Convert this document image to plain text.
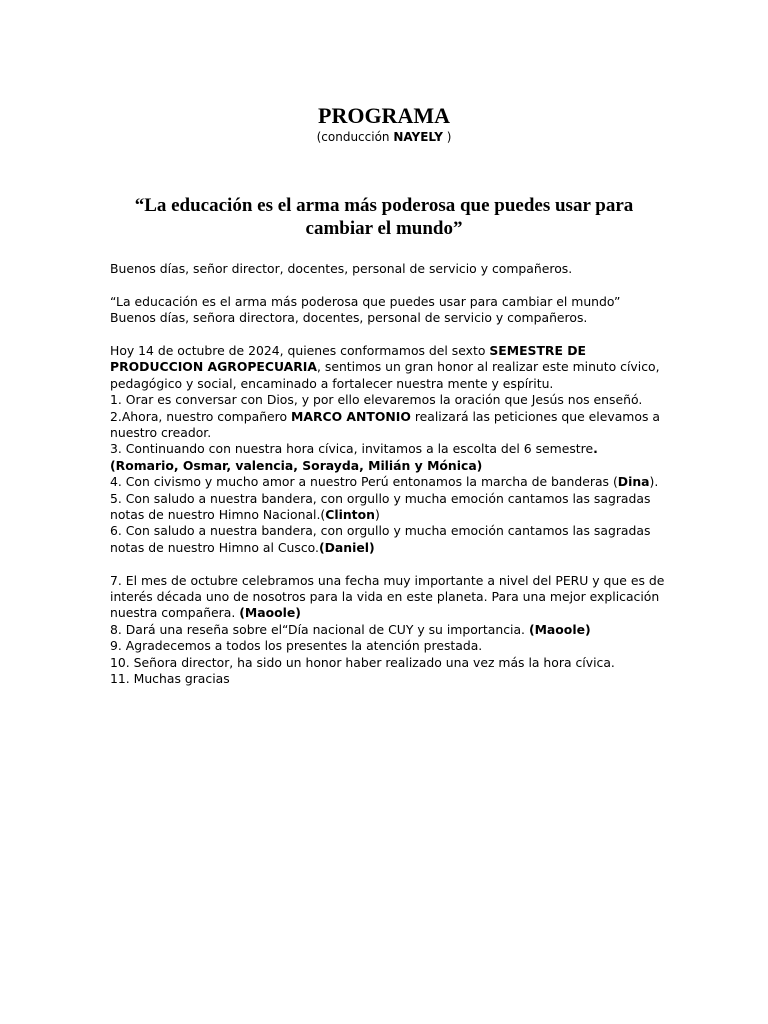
PROGRAMA
(conducción NAYELY )
“La educación es el arma más poderosa que puedes usar para cambiar el mundo”

Buenos días, señor director, docentes, personal de servicio y compañeros.

“La educación es el arma más poderosa que puedes usar para cambiar el mundo”

Buenos días, señora directora, docentes, personal de servicio y compañeros.

Hoy 14 de octubre de 2024, quienes conformamos del sexto SEMESTRE DE PRODUCCION AGROPECUARIA, sentimos un gran honor al realizar este minuto cívico, pedagógico y social, encaminado a fortalecer nuestra mente y espíritu.

1. Orar es conversar con Dios, y por ello elevaremos la oración que Jesús nos enseñó.

2.Ahora, nuestro compañero MARCO ANTONIO realizará las peticiones que elevamos a nuestro creador.

3. Continuando con nuestra hora cívica, invitamos a la escolta del 6 semestre. (Romario, Osmar, valencia, Sorayda, Milián y Mónica)

4. Con civismo y mucho amor a nuestro Perú entonamos la marcha de banderas (Dina).

5. Con saludo a nuestra bandera, con orgullo y mucha emoción cantamos las sagradas notas de nuestro Himno Nacional.(Clinton)

6. Con saludo a nuestra bandera, con orgullo y mucha emoción cantamos las sagradas notas de nuestro Himno al Cusco.(Daniel)

7. El mes de octubre celebramos una fecha muy importante a nivel del PERU y que es de interés década uno de nosotros para la vida en este planeta. Para una mejor explicación nuestra compañera. (Maoole)

8. Dará una reseña sobre el“Día nacional de CUY y su importancia. (Maoole)

9. Agradecemos a todos los presentes la atención prestada.

10. Señora director, ha sido un honor haber realizado una vez más la hora cívica.

11. Muchas gracias
